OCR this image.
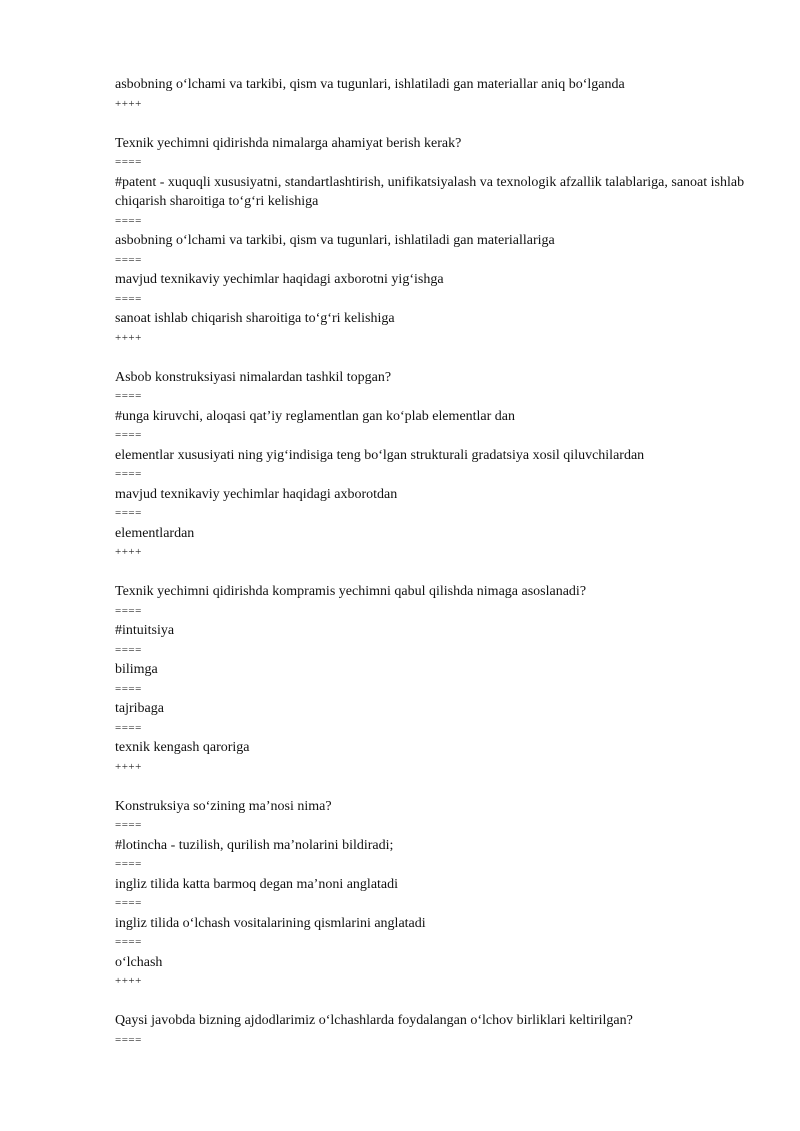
asbobning o‘lchami va tarkibi, qism va tugunlari, ishlatiladi gan materiallar aniq bo‘lganda
++++
Texnik yechimni qidirishda nimalarga ahamiyat berish kerak?
====
#patent - xuquqli xususiyatni, standartlashtirish, unifikatsiyalash va texnologik afzallik talablariga, sanoat ishlab chiqarish sharoitiga to‘g‘ri kelishiga
====
asbobning o‘lchami va tarkibi, qism va tugunlari, ishlatiladi gan materiallariga
====
mavjud texnikaviy yechimlar haqidagi axborotni yig‘ishga
====
sanoat ishlab chiqarish sharoitiga to‘g‘ri kelishiga
++++
Asbob konstruksiyasi nimalardan tashkil topgan?
====
#unga kiruvchi, aloqasi qat’iy reglamentlan gan ko‘plab elementlar dan
====
elementlar xususiyati ning yig‘indisiga teng bo‘lgan strukturali gradatsiya xosil qiluvchilardan
====
mavjud texnikaviy yechimlar haqidagi axborotdan
====
elementlardan
++++
Texnik yechimni qidirishda kompramis yechimni qabul qilishda nimaga asoslanadi?
====
#intuitsiya
====
bilimga
====
tajribaga
====
texnik kengash qaroriga
++++
Konstruksiya so‘zining ma’nosi nima?
====
#lotincha - tuzilish, qurilish ma’nolarini bildiradi;
====
ingliz tilida katta barmoq degan ma’noni anglatadi
====
ingliz tilida o‘lchash vositalarining qismlarini anglatadi
====
o‘lchash
++++
Qaysi javobda bizning ajdodlarimiz o‘lchashlarda foydalangan o‘lchov birliklari keltirilgan?
====
